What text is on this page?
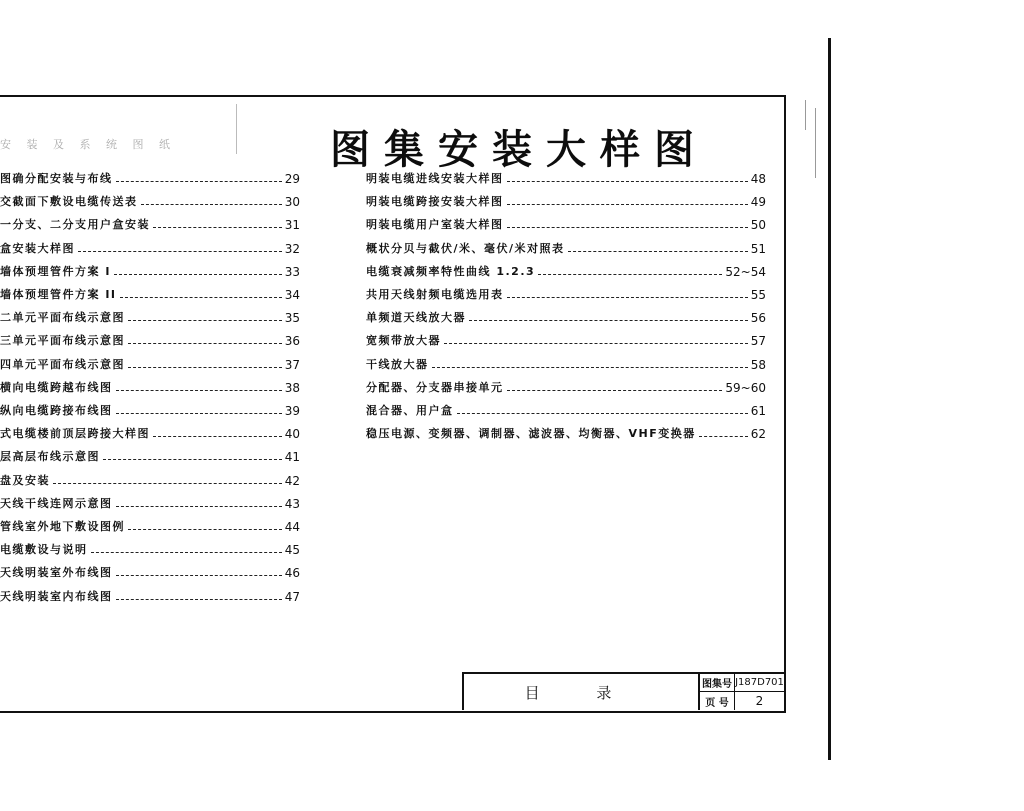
安 装 及 系 统 图 纸	图集安装大样图
图确分配安装与布线	29
交截面下敷设电缆传送表	30
一分支、二分支用户盒安装	31
盒安装大样图	32
墙体预埋管件方案 I	33
墙体预埋管件方案 II	34
二单元平面布线示意图	35
三单元平面布线示意图	36
四单元平面布线示意图	37
横向电缆跨越布线图	38
纵向电缆跨接布线图	39
式电缆楼前顶层跨接大样图	40
层高层布线示意图	41
盘及安装	42
天线干线连网示意图	43
管线室外地下敷设图例	44
电缆敷设与说明	45
天线明装室外布线图	46
天线明装室内布线图	47
明装电缆进线安装大样图	48
明装电缆跨接安装大样图	49
明装电缆用户室装大样图	50
概状分贝与截伏/米、毫伏/米对照表	51
电缆衰减频率特性曲线 1.2.3	52~54
共用天线射频电缆选用表	55
单频道天线放大器	56
宽频带放大器	57
干线放大器	58
分配器、分支器串接单元	59~60
混合器、用户盒	61
稳压电源、变频器、调制器、滤波器、均衡器、VHF变换器	62
目 录	图集号 J187D701
页 号	2
